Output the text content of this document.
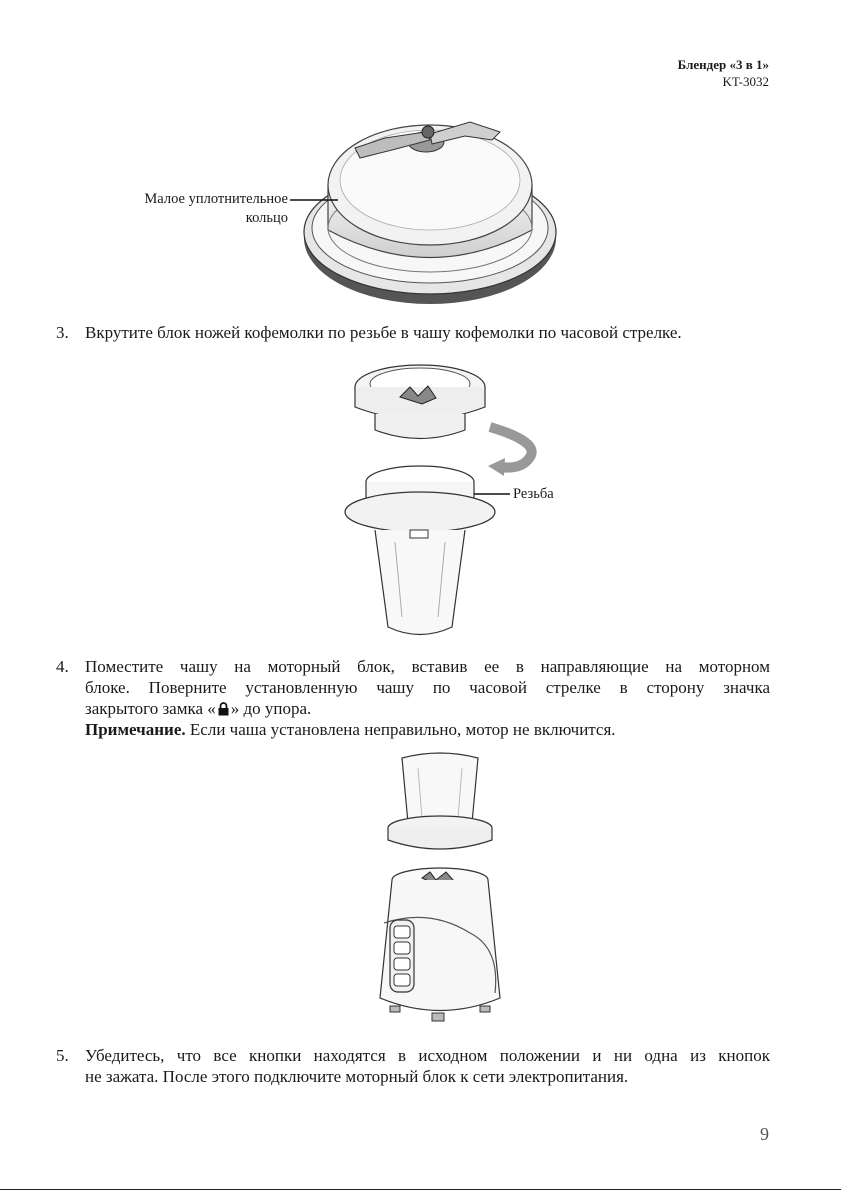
Блендер «3 в 1»
KT-3032
Малое уплотнительное
кольцо
3. Вкрутите блок ножей кофемолки по резьбе в чашу кофемолки по часовой стрелке.
Резьба
4. Поместите чашу на моторный блок, вставив ее в направляющие на моторном
блоке. Поверните установленную чашу по часовой стрелке в сторону значка
закрытого замка « » до упора.
Примечание. Если чаша установлена неправильно, мотор не включится.
5. Убедитесь, что все кнопки находятся в исходном положении и ни одна из кнопок
не зажата. После этого подключите моторный блок к сети электропитания.
9
